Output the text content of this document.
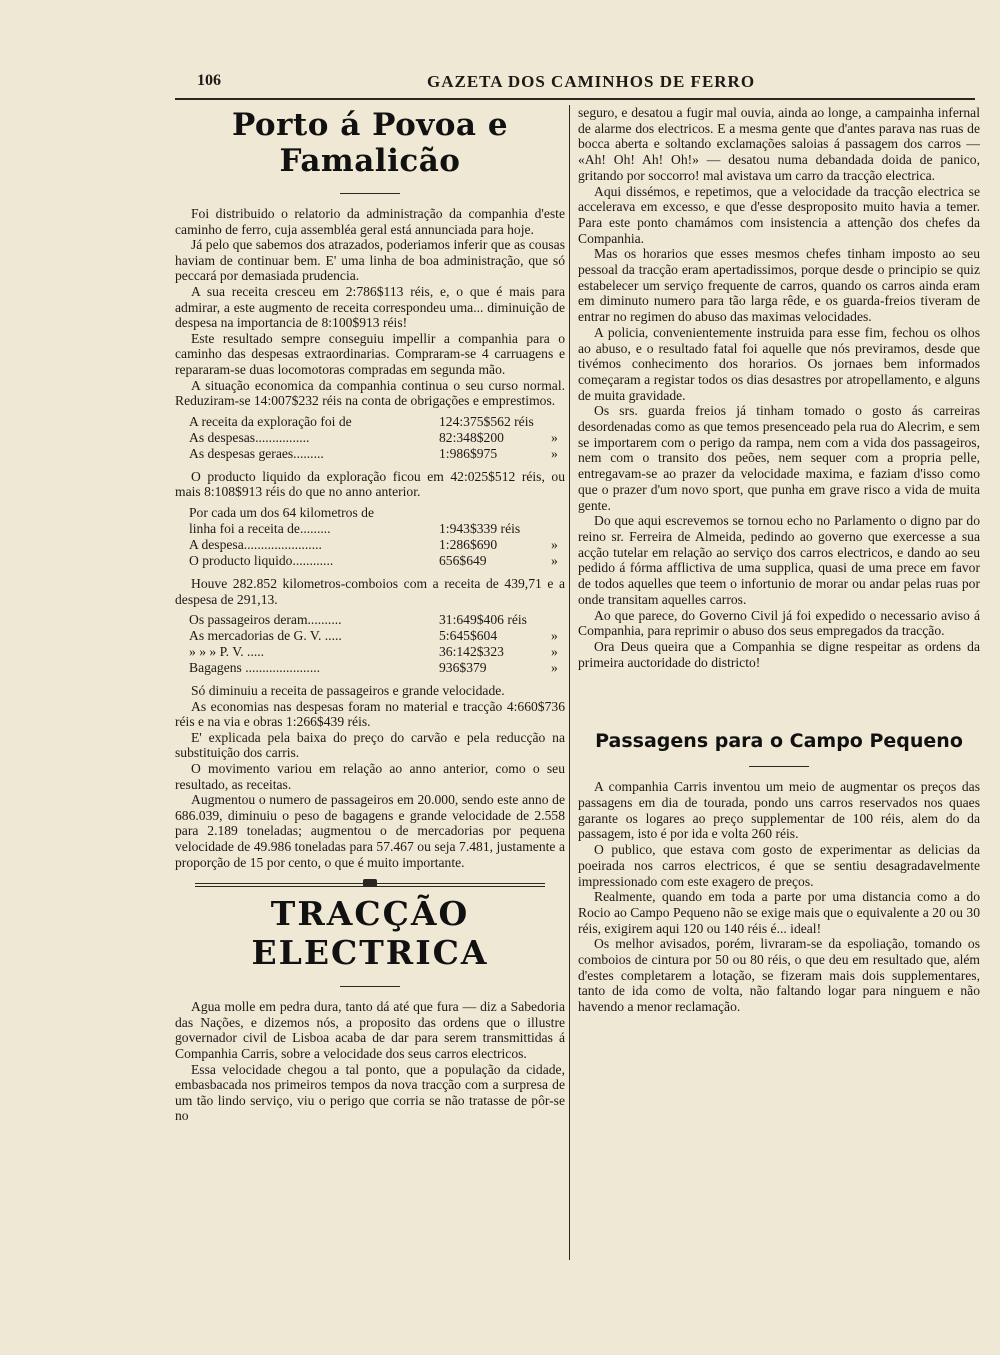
106	GAZETA DOS CAMINHOS DE FERRO
Porto á Povoa e Famalicão

Foi distribuido o relatorio da administração da companhia d'este caminho de ferro, cuja assembléa geral está annunciada para hoje.

Já pelo que sabemos dos atrazados, poderiamos inferir que as cousas haviam de continuar bem. E' uma linha de boa administração, que só peccará por demasiada prudencia.

A sua receita cresceu em 2:786$113 réis, e, o que é mais para admirar, a este augmento de receita correspondeu uma... diminuição de despesa na importancia de 8:100$913 réis!

Este resultado sempre conseguiu impellir a companhia para o caminho das despesas extraordinarias. Compraram-se 4 carruagens e repararam-se duas locomotoras compradas em segunda mão.

A situação economica da companhia continua o seu curso normal. Reduziram-se 14:007$232 réis na conta de obrigações e emprestimos.

A receita da exploração foi de	124:375$562 réis
As despesas................	82:348$200	»
As despesas geraes.........	1:986$975	»

O producto liquido da exploração ficou em 42:025$512 réis, ou mais 8:108$913 réis do que no anno anterior.

Por cada um dos 64 kilometros de
linha foi a receita de.........	1:943$339 réis
A despesa.......................	1:286$690	»
O producto liquido............	656$649	»

Houve 282.852 kilometros-comboios com a receita de 439,71 e a despesa de 291,13.

Os passageiros deram..........	31:649$406 réis
As mercadorias de G. V. .....	5:645$604	»
» » » P. V. .....	36:142$323	»
Bagagens ......................	936$379	»

Só diminuiu a receita de passageiros e grande velocidade.

As economias nas despesas foram no material e tracção 4:660$736 réis e na via e obras 1:266$439 réis.

E' explicada pela baixa do preço do carvão e pela reducção na substituição dos carris.

O movimento variou em relação ao anno anterior, como o seu resultado, as receitas.

Augmentou o numero de passageiros em 20.000, sendo este anno de 686.039, diminuiu o peso de bagagens e grande velocidade de 2.558 para 2.189 toneladas; augmentou o de mercadorias por pequena velocidade de 49.986 toneladas para 57.467 ou seja 7.481, justamente a proporção de 15 por cento, o que é muito importante.

TRACÇÃO ELECTRICA

Agua molle em pedra dura, tanto dá até que fura — diz a Sabedoria das Nações, e dizemos nós, a proposito das ordens que o illustre governador civil de Lisboa acaba de dar para serem transmittidas á Companhia Carris, sobre a velocidade dos seus carros electricos.

Essa velocidade chegou a tal ponto, que a população da cidade, embasbacada nos primeiros tempos da nova tracção com a surpresa de um tão lindo serviço, viu o perigo que corria se não tratasse de pôr-se no

seguro, e desatou a fugir mal ouvia, ainda ao longe, a campainha infernal de alarme dos electricos. E a mesma gente que d'antes parava nas ruas de bocca aberta e soltando exclamações saloias á passagem dos carros — «Ah! Oh! Ah! Oh!» — desatou numa debandada doida de panico, gritando por soccorro! mal avistava um carro da tracção electrica.

Aqui dissémos, e repetimos, que a velocidade da tracção electrica se accelerava em excesso, e que d'esse desproposito muito havia a temer. Para este ponto chamámos com insistencia a attenção dos chefes da Companhia.

Mas os horarios que esses mesmos chefes tinham imposto ao seu pessoal da tracção eram apertadissimos, porque desde o principio se quiz estabelecer um serviço frequente de carros, quando os carros ainda eram em diminuto numero para tão larga rêde, e os guarda-freios tiveram de entrar no regimen do abuso das maximas velocidades.

A policia, convenientemente instruida para esse fim, fechou os olhos ao abuso, e o resultado fatal foi aquelle que nós previramos, desde que tivémos conhecimento dos horarios. Os jornaes bem informados começaram a registar todos os dias desastres por atropellamento, e alguns de muita gravidade.

Os srs. guarda freios já tinham tomado o gosto ás carreiras desordenadas como as que temos presenceado pela rua do Alecrim, e sem se importarem com o perigo da rampa, nem com a vida dos passageiros, nem com o transito dos peões, nem sequer com a propria pelle, entregavam-se ao prazer da velocidade maxima, e faziam d'isso como que o prazer d'um novo sport, que punha em grave risco a vida de muita gente.

Do que aqui escrevemos se tornou echo no Parlamento o digno par do reino sr. Ferreira de Almeida, pedindo ao governo que exercesse a sua acção tutelar em relação ao serviço dos carros electricos, e dando ao seu pedido á fórma afflictiva de uma supplica, quasi de uma prece em favor de todos aquelles que teem o infortunio de morar ou andar pelas ruas por onde transitam aquelles carros.

Ao que parece, do Governo Civil já foi expedido o necessario aviso á Companhia, para reprimir o abuso dos seus empregados da tracção.

Ora Deus queira que a Companhia se digne respeitar as ordens da primeira auctoridade do districto!

Passagens para o Campo Pequeno

A companhia Carris inventou um meio de augmentar os preços das passagens em dia de tourada, pondo uns carros reservados nos quaes garante os logares ao preço supplementar de 100 réis, alem do da passagem, isto é por ida e volta 260 réis.

O publico, que estava com gosto de experimentar as delicias da poeirada nos carros electricos, é que se sentiu desagradavelmente impressionado com este exagero de preços.

Realmente, quando em toda a parte por uma distancia como a do Rocio ao Campo Pequeno não se exige mais que o equivalente a 20 ou 30 réis, exigirem aqui 120 ou 140 réis é... ideal!

Os melhor avisados, porém, livraram-se da espoliação, tomando os comboios de cintura por 50 ou 80 réis, o que deu em resultado que, além d'estes completarem a lotação, se fizeram mais dois supplementares, tanto de ida como de volta, não faltando logar para ninguem e não havendo a menor reclamação.
